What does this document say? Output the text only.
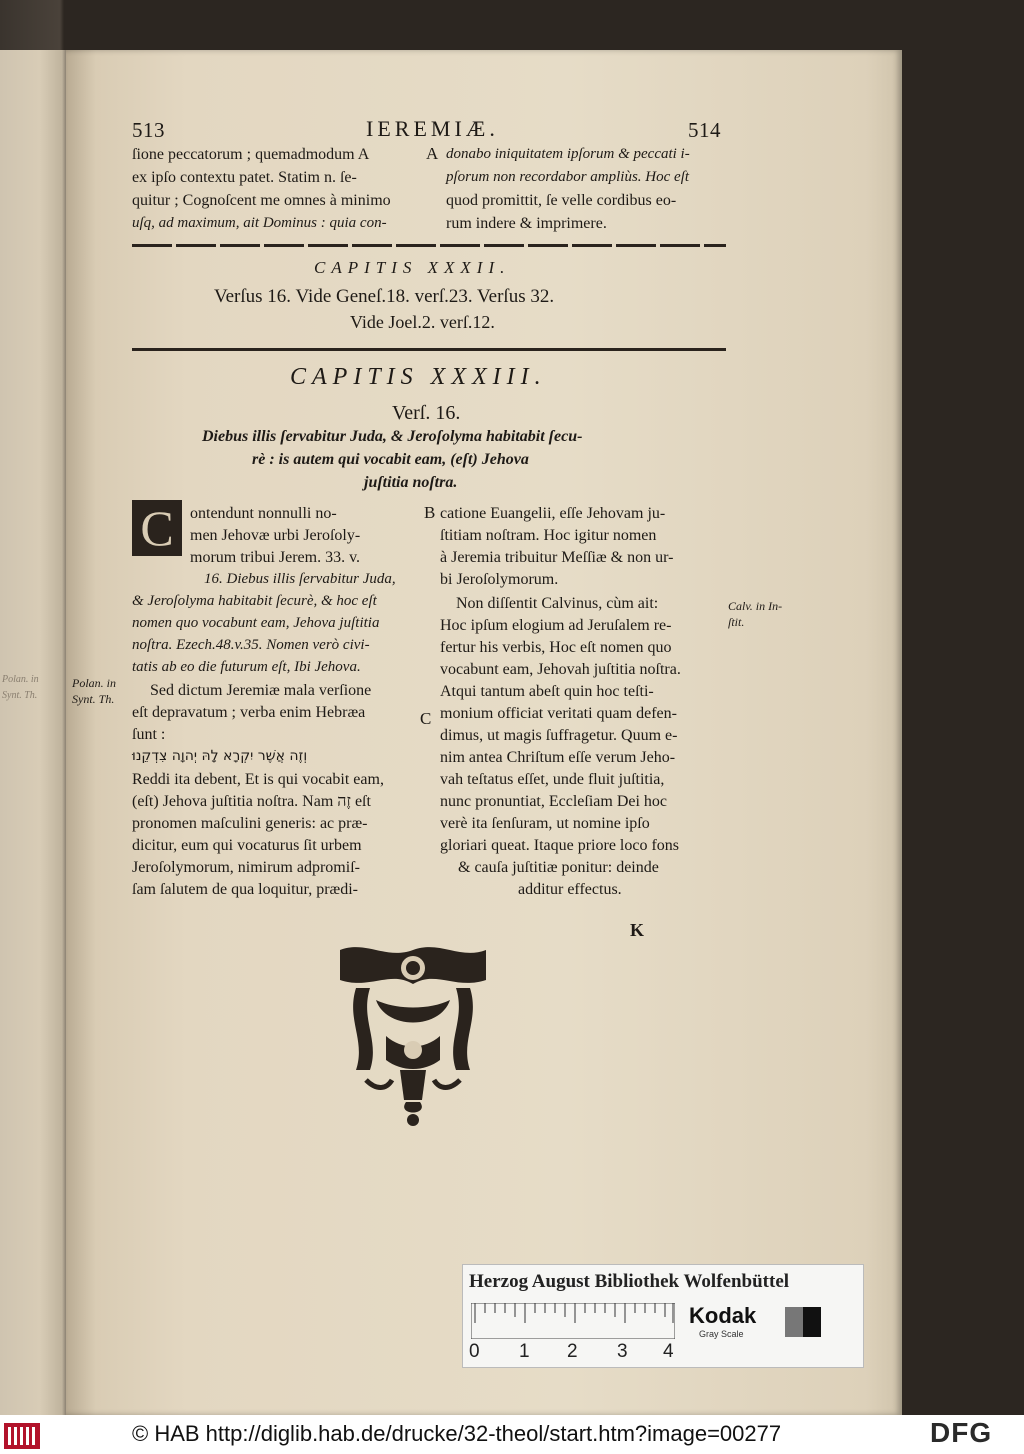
Polan. in
Synt. Th.
513	IEREMIÆ.	514
ſione peccatorum ; quemadmodum A
ex ipſo contextu patet. Statim n. ſe-
quitur ; Cognoſcent me omnes à minimo
uſq, ad maximum, ait Dominus : quia con-
donabo iniquitatem ipſorum & peccati i-
pſorum non recordabor ampliùs. Hoc eſt
quod promittit, ſe velle cordibus eo-
rum indere & imprimere.
CAPITIS XXXII.
Verſus 16. Vide Geneſ.18. verſ.23. Verſus 32.
Vide Joel.2. verſ.12.
CAPITIS XXXIII.
Verſ. 16.
Diebus illis ſervabitur Juda, & Jeroſolyma habitabit ſecu-
rè : is autem qui vocabit eam, (eſt) Jehova
juſtitia noſtra.
C	ontendunt nonnulli no-
men Jehovæ urbi Jeroſoly-
morum tribui Jerem. 33. v.
16. Diebus illis ſervabitur Juda,
& Jeroſolyma habitabit ſecurè, & hoc eſt
nomen quo vocabunt eam, Jehova juſtitia
noſtra. Ezech.48.v.35. Nomen verò civi-
tatis ab eo die futurum eſt, Ibi Jehova.
Sed dictum Jeremiæ mala verſione
eſt depravatum ; verba enim Hebræa
ſunt :
וְזֶה אֲשֶׁר יִקְרָא לָהּ יְהוָה צִדְקֵנוּ
Reddi ita debent, Et is qui vocabit eam,
(eſt) Jehova juſtitia noſtra. Nam זֶה eſt
pronomen maſculini generis: ac præ-
dicitur, eum qui vocaturus ſit urbem
Jeroſolymorum, nimirum adpromiſ-
ſam ſalutem de qua loquitur, prædi-
catione Euangelii, eſſe Jehovam ju-
ſtitiam noſtram. Hoc igitur nomen
à Jeremia tribuitur Meſſiæ & non ur-
bi Jeroſolymorum.
Non diſſentit Calvinus, cùm ait:
Hoc ipſum elogium ad Jeruſalem re-
fertur his verbis, Hoc eſt nomen quo
vocabunt eam, Jehovah juſtitia noſtra.
Atqui tantum abeſt quin hoc teſti-
monium officiat veritati quam defen-
dimus, ut magis ſuffragetur. Quum e-
nim antea Chriſtum eſſe verum Jeho-
vah teſtatus eſſet, unde fluit juſtitia,
nunc pronuntiat, Eccleſiam Dei hoc
verè ita ſenſuram, ut nomine ipſo
gloriari queat. Itaque priore loco fons
& cauſa juſtitiæ ponitur: deinde
additur effectus.
A
B
C
Polan. in
Synt. Th.
Calv. in In-
ſtit.
K
Herzog August Bibliothek Wolfenbüttel
0 1 2 3 4
Kodak
Gray Scale
© HAB http://diglib.hab.de/drucke/32-theol/start.htm?image=00277	DFG
